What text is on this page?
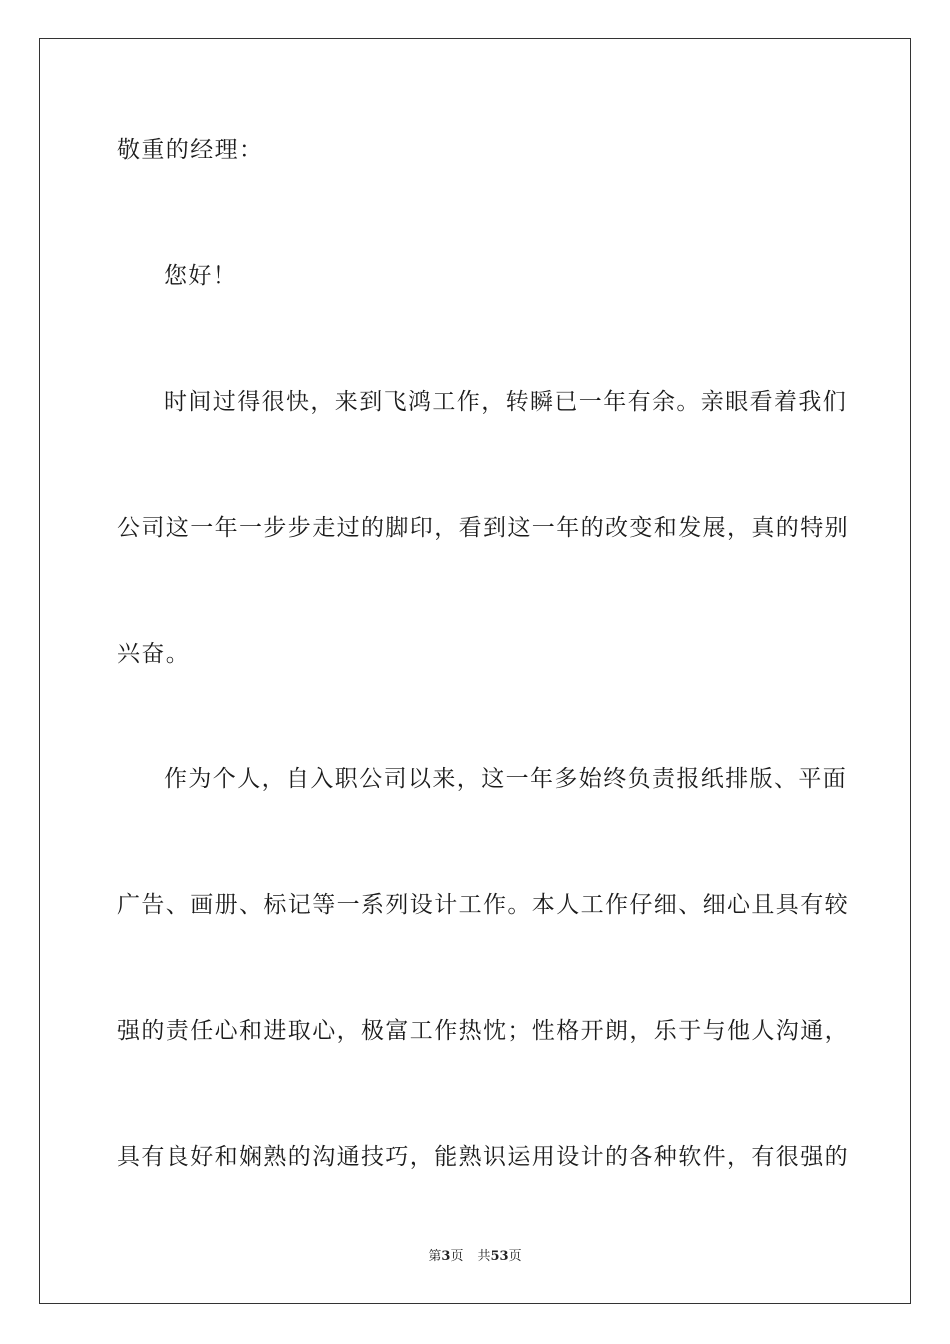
敬重的经理：
您好！
时间过得很快，来到飞鸿工作，转瞬已一年有余。亲眼看着我们
公司这一年一步步走过的脚印，看到这一年的改变和发展，真的特别
兴奋。
作为个人，自入职公司以来，这一年多始终负责报纸排版、平面
广告、画册、标记等一系列设计工作。本人工作仔细、细心且具有较
强的责任心和进取心，极富工作热忱；性格开朗，乐于与他人沟通，
具有良好和娴熟的沟通技巧，能熟识运用设计的各种软件，有很强的
第3页 共53页
